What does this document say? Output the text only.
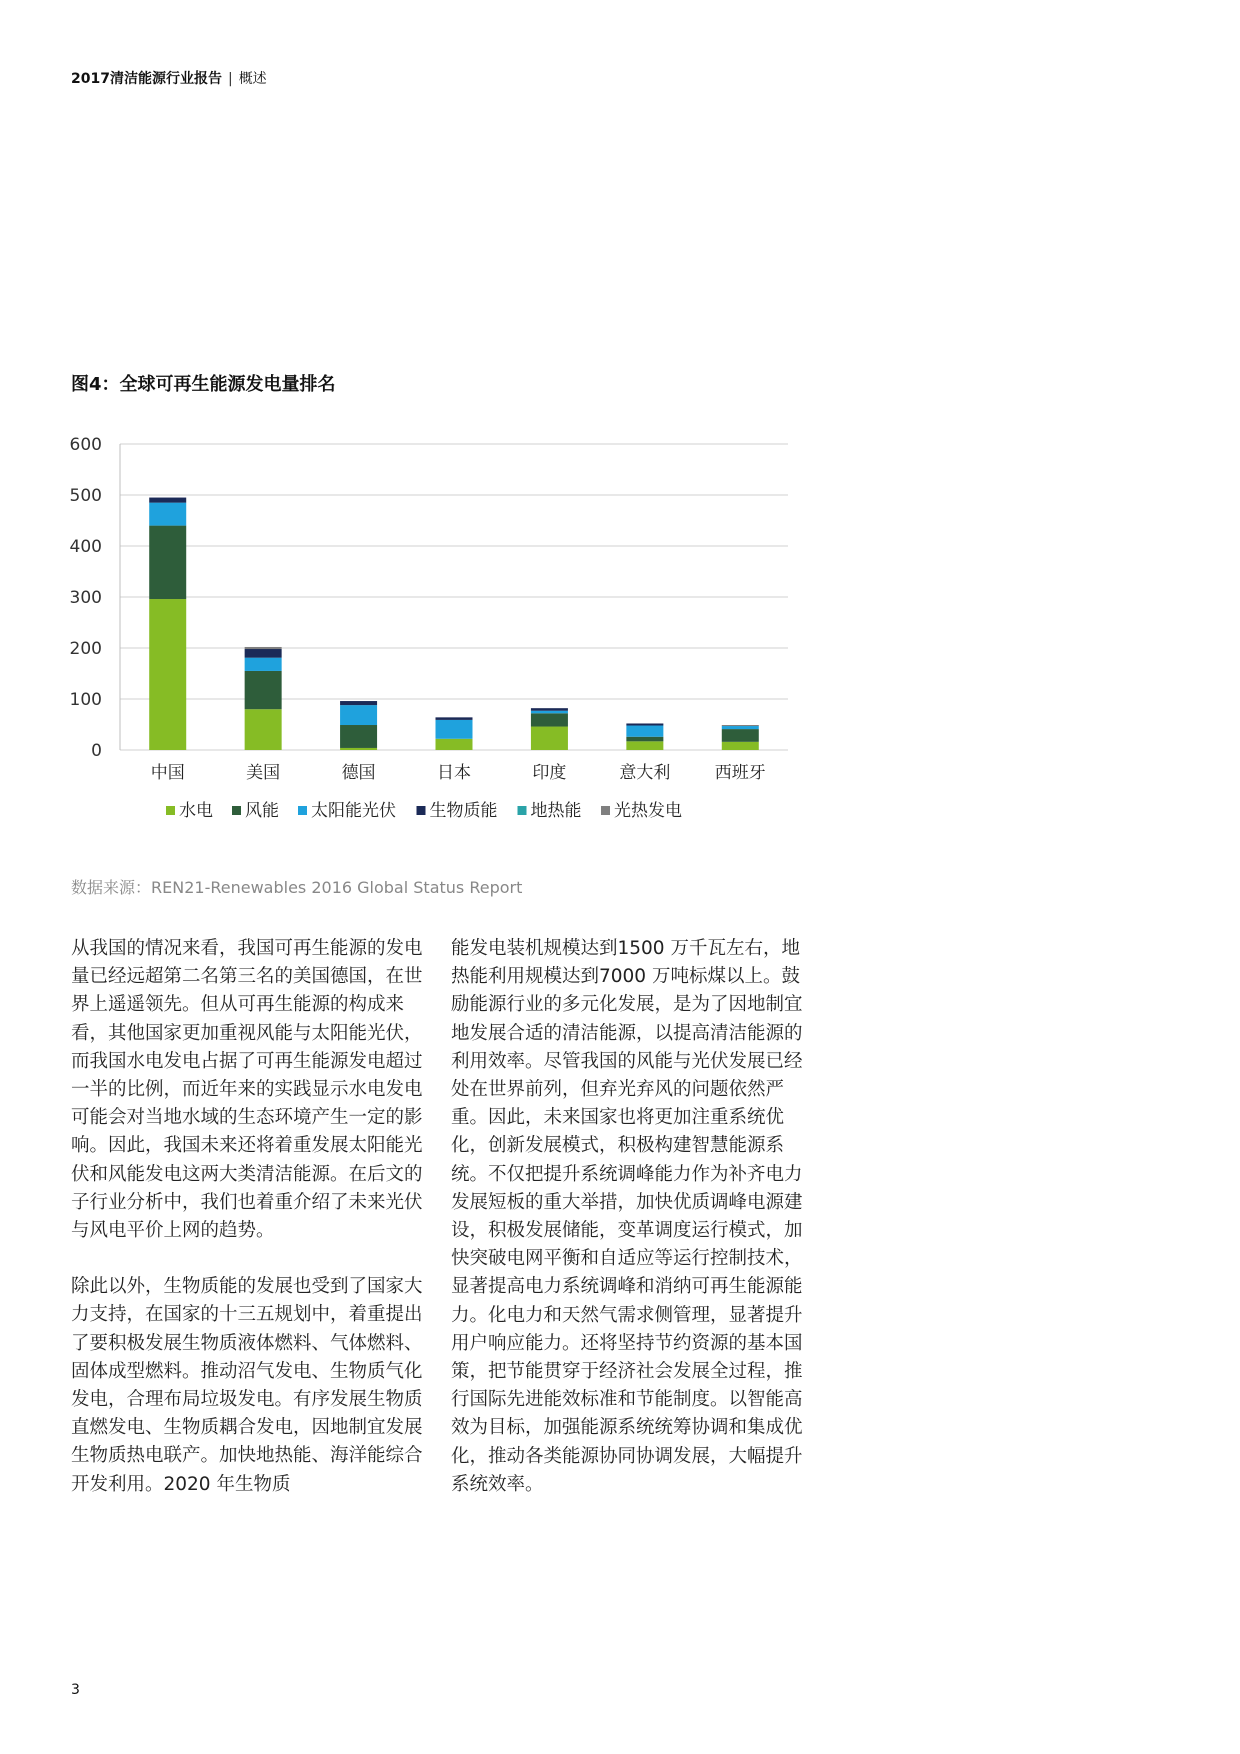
2017清洁能源行业报告 | 概述
图4：全球可再生能源发电量排名
0
100
200
300
400
500
600
中国	美国	德国	日本	印度	意大利	西班牙
水电 风能 太阳能光伏 生物质能 地热能 光热发电
数据来源：REN21-Renewables 2016 Global Status Report

从我国的情况来看，我国可再生能源的发电量已经远超第二名第三名的美国德国，在世界上遥遥领先。但从可再生能源的构成来看，其他国家更加重视风能与太阳能光伏，而我国水电发电占据了可再生能源发电超过一半的比例，而近年来的实践显示水电发电可能会对当地水域的生态环境产生一定的影响。因此，我国未来还将着重发展太阳能光伏和风能发电这两大类清洁能源。在后文的子行业分析中，我们也着重介绍了未来光伏与风电平价上网的趋势。

除此以外，生物质能的发展也受到了国家大力支持，在国家的十三五规划中，着重提出了要积极发展生物质液体燃料、气体燃料、固体成型燃料。推动沼气发电、生物质气化发电，合理布局垃圾发电。有序发展生物质直燃发电、生物质耦合发电，因地制宜发展生物质热电联产。加快地热能、海洋能综合开发利用。2020 年生物质

能发电装机规模达到1500 万千瓦左右，地热能利用规模达到7000 万吨标煤以上。鼓励能源行业的多元化发展，是为了因地制宜地发展合适的清洁能源，以提高清洁能源的利用效率。尽管我国的风能与光伏发展已经处在世界前列，但弃光弃风的问题依然严重。因此，未来国家也将更加注重系统优化，创新发展模式，积极构建智慧能源系统。不仅把提升系统调峰能力作为补齐电力发展短板的重大举措，加快优质调峰电源建设，积极发展储能，变革调度运行模式，加快突破电网平衡和自适应等运行控制技术，显著提高电力系统调峰和消纳可再生能源能力。化电力和天然气需求侧管理，显著提升用户响应能力。还将坚持节约资源的基本国策，把节能贯穿于经济社会发展全过程，推行国际先进能效标准和节能制度。以智能高效为目标，加强能源系统统筹协调和集成优化，推动各类能源协同协调发展，大幅提升系统效率。

3
